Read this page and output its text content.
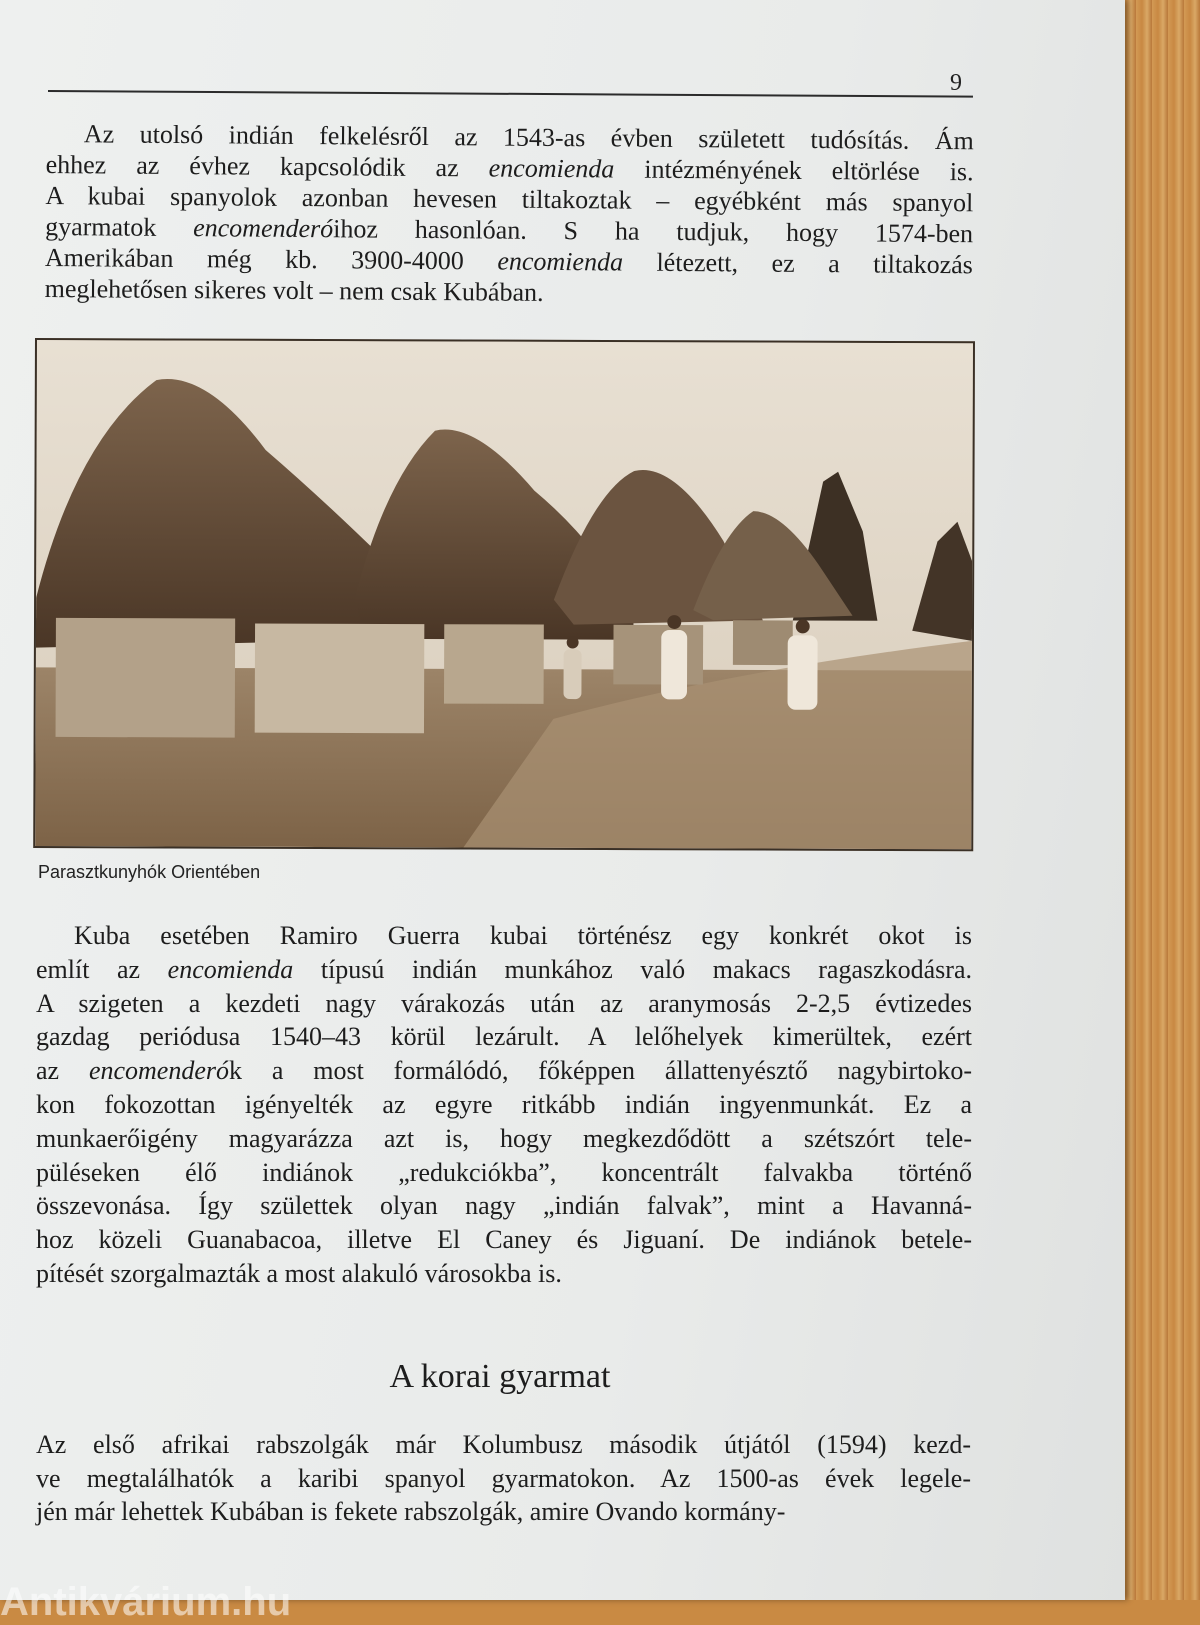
9
Az utolsó indián felkelésről az 1543-as évben született tudósítás. Ám
ehhez az évhez kapcsolódik az encomienda intézményének eltörlése is.
A kubai spanyolok azonban hevesen tiltakoztak – egyébként más spanyol
gyarmatok encomenderóihoz hasonlóan. S ha tudjuk, hogy 1574-ben
Amerikában még kb. 3900-4000 encomienda létezett, ez a tiltakozás
meglehetősen sikeres volt – nem csak Kubában.
Parasztkunyhók Orientében
Kuba esetében Ramiro Guerra kubai történész egy konkrét okot is
említ az encomienda típusú indián munkához való makacs ragaszkodásra.
A szigeten a kezdeti nagy várakozás után az aranymosás 2-2,5 évtizedes
gazdag periódusa 1540–43 körül lezárult. A lelőhelyek kimerültek, ezért
az encomenderók a most formálódó, főképpen állattenyésztő nagybirtoko-
kon fokozottan igényelték az egyre ritkább indián ingyenmunkát. Ez a
munkaerőigény magyarázza azt is, hogy megkezdődött a szétszórt tele-
püléseken élő indiánok „redukciókba”, koncentrált falvakba történő
összevonása. Így születtek olyan nagy „indián falvak”, mint a Havanná-
hoz közeli Guanabacoa, illetve El Caney és Jiguaní. De indiánok betele-
pítését szorgalmazták a most alakuló városokba is.
A korai gyarmat
Az első afrikai rabszolgák már Kolumbusz második útjától (1594) kezd-
ve megtalálhatók a karibi spanyol gyarmatokon. Az 1500-as évek legele-
jén már lehettek Kubában is fekete rabszolgák, amire Ovando kormány-
Antikvárium.hu
